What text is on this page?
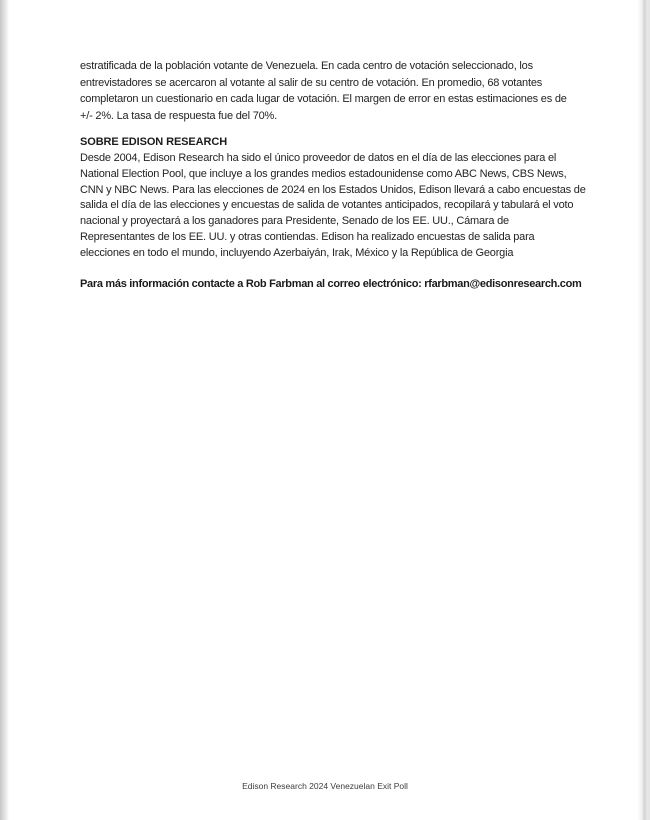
estratificada de la población votante de Venezuela. En cada centro de votación seleccionado, los
entrevistadores se acercaron al votante al salir de su centro de votación. En promedio, 68 votantes
completaron un cuestionario en cada lugar de votación. El margen de error en estas estimaciones es de
+/- 2%. La tasa de respuesta fue del 70%.
SOBRE EDISON RESEARCH
Desde 2004, Edison Research ha sido el único proveedor de datos en el día de las elecciones para el
National Election Pool, que incluye a los grandes medios estadounidense como ABC News, CBS News,
CNN y NBC News. Para las elecciones de 2024 en los Estados Unidos, Edison llevará a cabo encuestas de
salida el día de las elecciones y encuestas de salida de votantes anticipados, recopilará y tabulará el voto
nacional y proyectará a los ganadores para Presidente, Senado de los EE. UU., Cámara de
Representantes de los EE. UU. y otras contiendas. Edison ha realizado encuestas de salida para
elecciones en todo el mundo, incluyendo Azerbaiyán, Irak, México y la República de Georgia
Para más información contacte a Rob Farbman al correo electrónico: rfarbman@edisonresearch.com
Edison Research 2024 Venezuelan Exit Poll
